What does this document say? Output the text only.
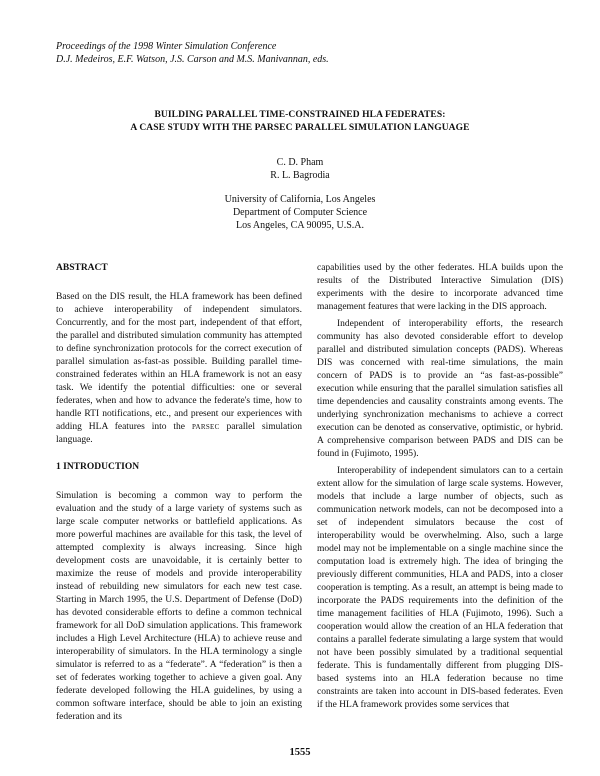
Proceedings of the 1998 Winter Simulation Conference
D.J. Medeiros, E.F. Watson, J.S. Carson and M.S. Manivannan, eds.
BUILDING PARALLEL TIME-CONSTRAINED HLA FEDERATES:
A CASE STUDY WITH THE PARSEC PARALLEL SIMULATION LANGUAGE
C. D. Pham
R. L. Bagrodia
University of California, Los Angeles
Department of Computer Science
Los Angeles, CA 90095, U.S.A.
ABSTRACT

Based on the DIS result, the HLA framework has been defined to achieve interoperability of independent simulators. Concurrently, and for the most part, independent of that effort, the parallel and distributed simulation community has attempted to define synchronization protocols for the correct execution of parallel simulation as-fast-as possible. Building parallel time-constrained federates within an HLA framework is not an easy task. We identify the potential difficulties: one or several federates, when and how to advance the federate's time, how to handle RTI notifications, etc., and present our experiences with adding HLA features into the parsec parallel simulation language.

1 INTRODUCTION

Simulation is becoming a common way to perform the evaluation and the study of a large variety of systems such as large scale computer networks or battlefield applications. As more powerful machines are available for this task, the level of attempted complexity is always increasing. Since high development costs are unavoidable, it is certainly better to maximize the reuse of models and provide interoperability instead of rebuilding new simulators for each new test case. Starting in March 1995, the U.S. Department of Defense (DoD) has devoted considerable efforts to define a common technical framework for all DoD simulation applications. This framework includes a High Level Architecture (HLA) to achieve reuse and interoperability of simulators. In the HLA terminology a single simulator is referred to as a “federate”. A “federation” is then a set of federates working together to achieve a given goal. Any federate developed following the HLA guidelines, by using a common software interface, should be able to join an existing federation and its

capabilities used by the other federates. HLA builds upon the results of the Distributed Interactive Simulation (DIS) experiments with the desire to incorporate advanced time management features that were lacking in the DIS approach.

Independent of interoperability efforts, the research community has also devoted considerable effort to develop parallel and distributed simulation concepts (PADS). Whereas DIS was concerned with real-time simulations, the main concern of PADS is to provide an “as fast-as-possible” execution while ensuring that the parallel simulation satisfies all time dependencies and causality constraints among events. The underlying synchronization mechanisms to achieve a correct execution can be denoted as conservative, optimistic, or hybrid. A comprehensive comparison between PADS and DIS can be found in (Fujimoto, 1995).

Interoperability of independent simulators can to a certain extent allow for the simulation of large scale systems. However, models that include a large number of objects, such as communication network models, can not be decomposed into a set of independent simulators because the cost of interoperability would be overwhelming. Also, such a large model may not be implementable on a single machine since the computation load is extremely high. The idea of bringing the previously different communities, HLA and PADS, into a closer cooperation is tempting. As a result, an attempt is being made to incorporate the PADS requirements into the definition of the time management facilities of HLA (Fujimoto, 1996). Such a cooperation would allow the creation of an HLA federation that contains a parallel federate simulating a large system that would not have been possibly simulated by a traditional sequential federate. This is fundamentally different from plugging DIS-based systems into an HLA federation because no time constraints are taken into account in DIS-based federates. Even if the HLA framework provides some services that

1555
